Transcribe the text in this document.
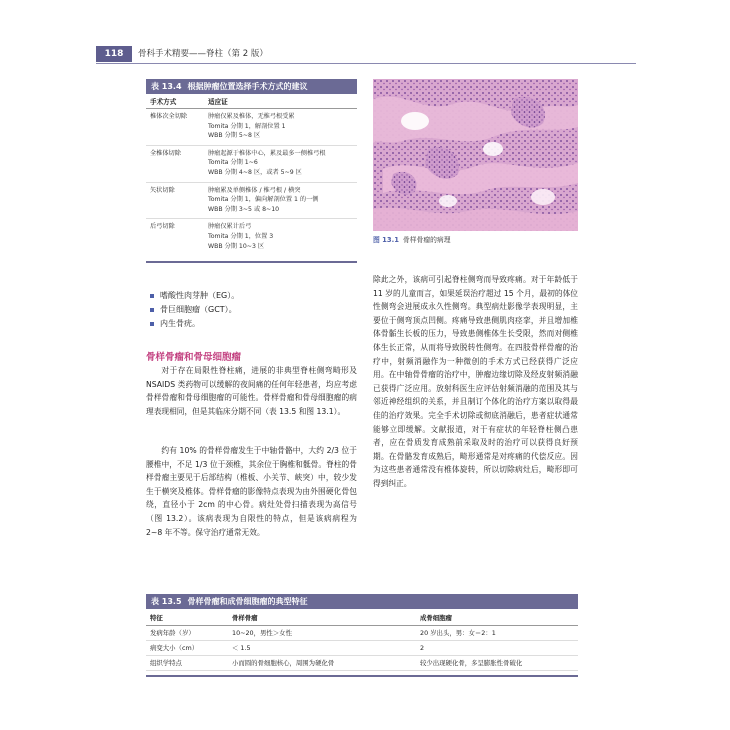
118	骨科手术精要——脊柱（第 2 版）
表 13.4 根据肿瘤位置选择手术方式的建议
手术方式	适应证
椎体次全切除	肿瘤仅累及椎体，无椎弓根受累
Tomita 分期 1，解剖位置 1
WBB 分期 5~8 区
全椎体切除	肿瘤起源于椎体中心，累及最多一侧椎弓根
Tomita 分期 1~6
WBB 分期 4~8 区，或者 5~9 区
矢状切除	肿瘤累及单侧椎体 / 椎弓根 / 横突
Tomita 分期 1，偏向解剖位置 1 的一侧
WBB 分期 3~5 或 8~10
后弓切除	肿瘤仅累计后弓
Tomita 分期 1，位置 3
WBB 分期 10~3 区
图 13.1 骨样骨瘤的病理
嗜酸性肉芽肿（EG）。
骨巨细胞瘤（GCT）。
内生骨疣。
骨样骨瘤和骨母细胞瘤
对于存在局限性脊柱痛，进展的非典型脊柱侧弯畸形及 NSAIDS 类药物可以缓解的夜间痛的任何年轻患者，均应考虑骨样骨瘤和骨母细胞瘤的可能性。骨样骨瘤和骨母细胞瘤的病理表现相同，但是其临床分期不同（表 13.5 和图 13.1）。
约有 10% 的骨样骨瘤发生于中轴骨骼中，大约 2/3 位于腰椎中，不足 1/3 位于颈椎，其余位于胸椎和骶骨。脊柱的骨样骨瘤主要见于后部结构（椎板、小关节、峡突）中，较少发生于横突及椎体。骨样骨瘤的影像特点表现为由外围硬化骨包绕，直径小于 2cm 的中心骨。病灶处骨扫描表现为高信号（图 13.2）。该病表现为自限性的特点，但是该病病程为 2~8 年不等。保守治疗通常无效。
除此之外，该病可引起脊柱侧弯而导致疼痛。对于年龄低于 11 岁的儿童而言，如果延误治疗超过 15 个月，最初的体位性侧弯会进展成永久性侧弯。典型病灶影像学表现明显，主要位于侧弯顶点凹侧。疼痛导致患侧肌肉痉挛，并且增加椎体骨骺生长板的压力，导致患侧椎体生长受限，然而对侧椎体生长正常，从而将导致脱转性侧弯。在四肢骨样骨瘤的治疗中，射频消融作为一种微创的手术方式已经获得广泛应用。在中轴骨骨瘤的治疗中，肿瘤边缘切除及经皮射频消融已获得广泛应用。放射科医生应评估射频消融的范围及其与邻近神经组织的关系，并且制订个体化的治疗方案以取得最佳的治疗效果。完全手术切除或彻底消融后，患者症状通常能够立即缓解。文献报道，对于有症状的年轻脊柱侧凸患者，应在骨质发育成熟前采取及时的治疗可以获得良好预期。在骨骼发育成熟后，畸形通常是对疼痛的代偿反应。因为这些患者通常没有椎体旋转，所以切除病灶后，畸形即可得到纠正。
表 13.5 骨样骨瘤和成骨细胞瘤的典型特征
特征	骨样骨瘤	成骨细胞瘤
发病年龄（岁）	10~20，男性＞女性	20 岁出头，男：女＝2：1
病变大小（cm）	＜ 1.5	2
组织学特点	小而圆的骨细胞核心，周围为硬化骨	较少出现硬化骨，多呈膨胀性骨破化
